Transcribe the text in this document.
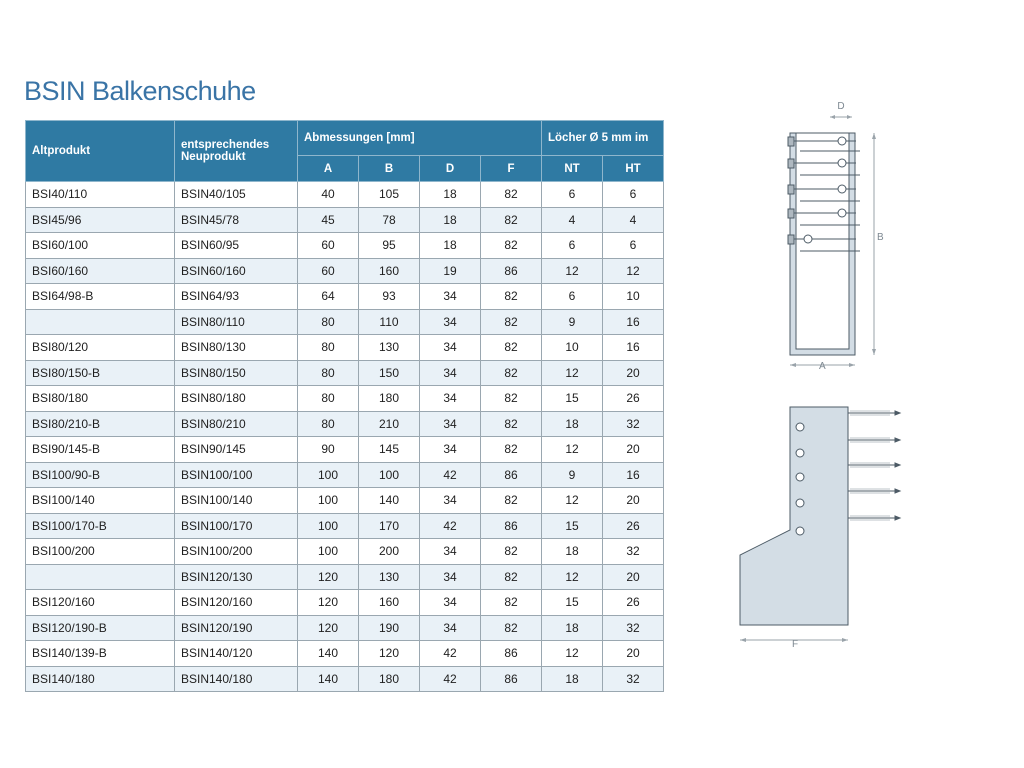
BSIN Balkenschuhe
Altprodukt	entsprechendes Neuprodukt	Abmessungen [mm]				Löcher Ø 5 mm im	
		A	B	D	F	NT	HT
BSI40/110	BSIN40/105	40	105	18	82	6	6
BSI45/96	BSIN45/78	45	78	18	82	4	4
BSI60/100	BSIN60/95	60	95	18	82	6	6
BSI60/160	BSIN60/160	60	160	19	86	12	12
BSI64/98-B	BSIN64/93	64	93	34	82	6	10
	BSIN80/110	80	110	34	82	9	16
BSI80/120	BSIN80/130	80	130	34	82	10	16
BSI80/150-B	BSIN80/150	80	150	34	82	12	20
BSI80/180	BSIN80/180	80	180	34	82	15	26
BSI80/210-B	BSIN80/210	80	210	34	82	18	32
BSI90/145-B	BSIN90/145	90	145	34	82	12	20
BSI100/90-B	BSIN100/100	100	100	42	86	9	16
BSI100/140	BSIN100/140	100	140	34	82	12	20
BSI100/170-B	BSIN100/170	100	170	42	86	15	26
BSI100/200	BSIN100/200	100	200	34	82	18	32
	BSIN120/130	120	130	34	82	12	20
BSI120/160	BSIN120/160	120	160	34	82	15	26
BSI120/190-B	BSIN120/190	120	190	34	82	18	32
BSI140/139-B	BSIN140/120	140	120	42	86	12	20
BSI140/180	BSIN140/180	140	180	42	86	18	32
D
B
A
F
